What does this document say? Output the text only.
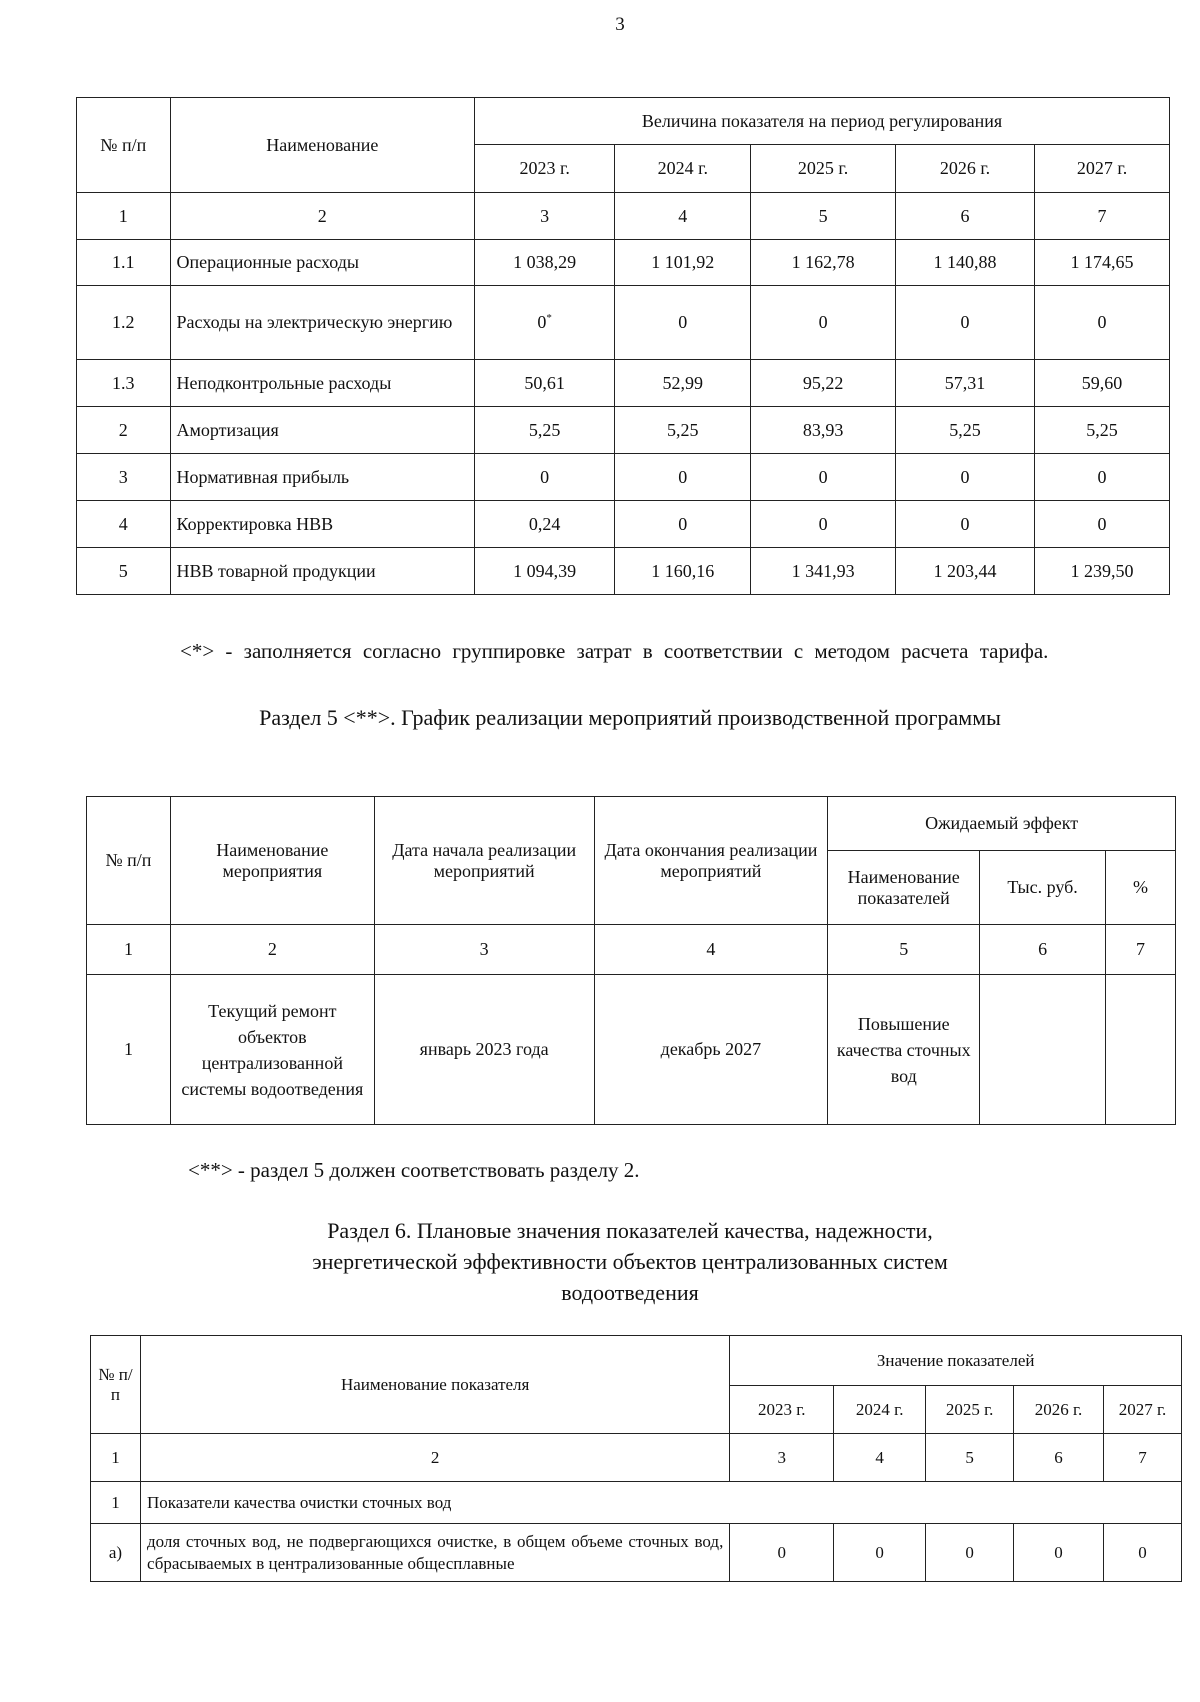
3
№ п/п	Наименование	Величина показателя на период регулирования				
		2023 г.	2024 г.	2025 г.	2026 г.	2027 г.
1	2	3	4	5	6	7
1.1	Операционные расходы	1 038,29	1 101,92	1 162,78	1 140,88	1 174,65
1.2	Расходы на электрическую энергию	0*	0	0	0	0
1.3	Неподконтрольные расходы	50,61	52,99	95,22	57,31	59,60
2	Амортизация	5,25	5,25	83,93	5,25	5,25
3	Нормативная прибыль	0	0	0	0	0
4	Корректировка НВВ	0,24	0	0	0	0
5	НВВ товарной продукции	1 094,39	1 160,16	1 341,93	1 203,44	1 239,50
<*> - заполняется согласно группировке затрат в соответствии с методом расчета тарифа.
Раздел 5 <**>. График реализации мероприятий производственной программы
№ п/п	Наименование мероприятия	Дата начала реализации мероприятий	Дата окончания реализации мероприятий	Ожидаемый эффект		
				Наименование показателей	Тыс. руб.	%
1	2	3	4	5	6	7
1	Текущий ремонт объектов централизованной системы водоотведения	январь 2023 года	декабрь 2027	Повышение качества сточных вод		
<**> - раздел 5 должен соответствовать разделу 2.
Раздел 6. Плановые значения показателей качества, надежности, энергетической эффективности объектов централизованных систем водоотведения
№ п/п	Наименование показателя	Значение показателей				
		2023 г.	2024 г.	2025 г.	2026 г.	2027 г.
1	2	3	4	5	6	7
1	Показатели качества очистки сточных вод					
а)	доля сточных вод, не подвергающихся очистке, в общем объеме сточных вод, сбрасываемых в централизованные общесплавные	0	0	0	0	0
